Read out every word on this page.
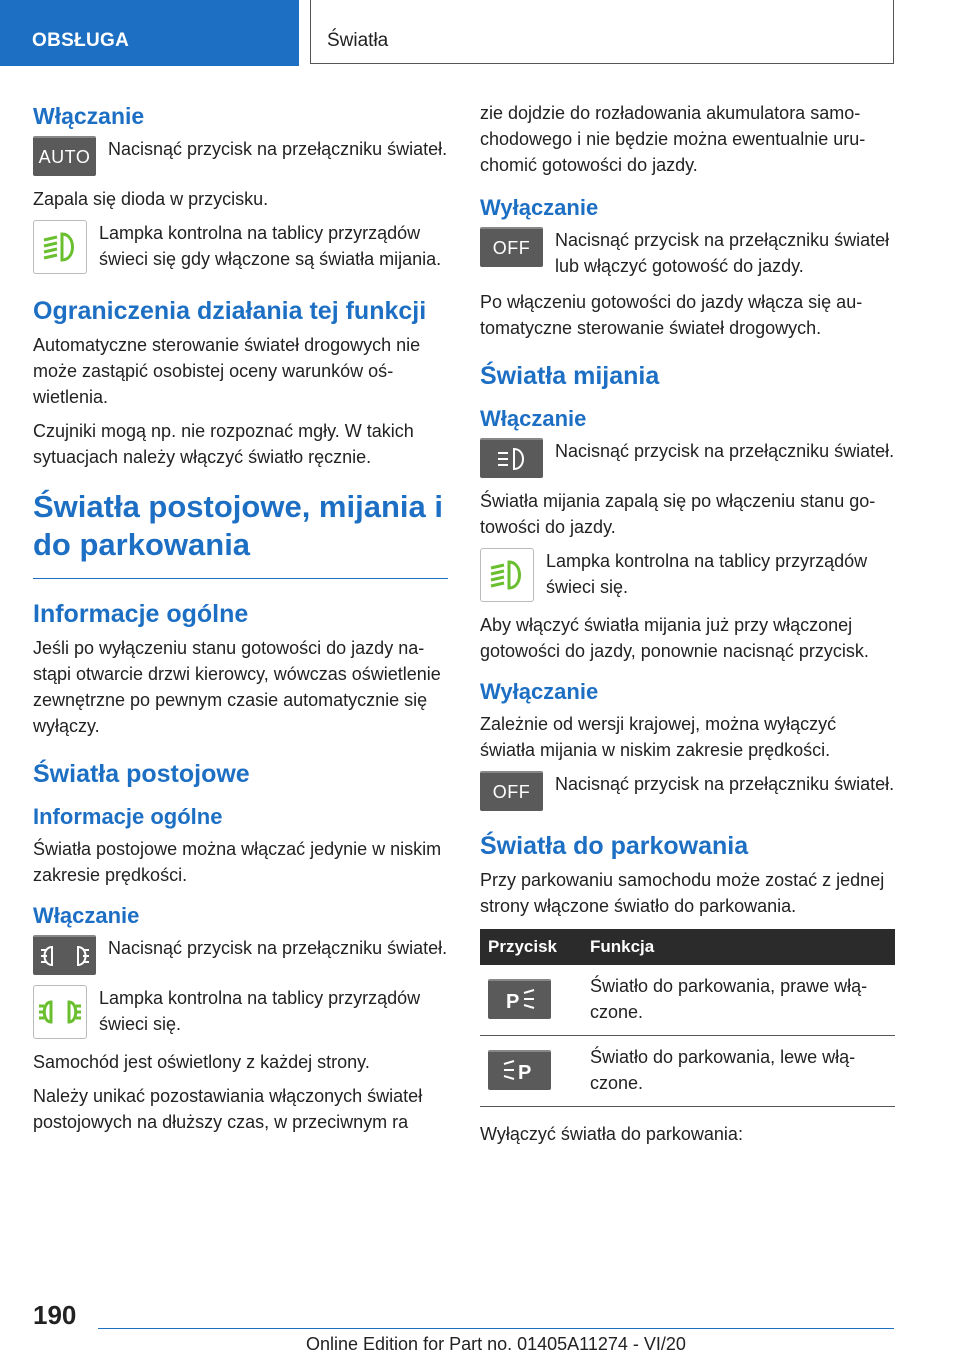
OBSŁUGA	Światła
Włączanie
AUTO Nacisnąć przycisk na przełączniku świateł.

Zapala się dioda w przycisku.

Lampka kontrolna na tablicy przyrządów świeci się gdy włączone są światła mijania.

Ograniczenia działania tej funkcji

Automatyczne sterowanie świateł drogowych nie może zastąpić osobistej oceny warunków oświetlenia.

Czujniki mogą np. nie rozpoznać mgły. W takich sytuacjach należy włączyć światło ręcznie.

Światła postojowe, mijania i do parkowania
Informacje ogólne

Jeśli po wyłączeniu stanu gotowości do jazdy nastąpi otwarcie drzwi kierowcy, wówczas oświetlenie zewnętrzne po pewnym czasie automatycznie się wyłączy.

Światła postojowe
Informacje ogólne

Światła postojowe można włączać jedynie w niskim zakresie prędkości.

Włączanie

Nacisnąć przycisk na przełączniku świateł.

Lampka kontrolna na tablicy przyrządów świeci się.

Samochód jest oświetlony z każdej strony.

Należy unikać pozostawiania włączonych świateł postojowych na dłuższy czas, w przeciwnym ra

zie dojdzie do rozładowania akumulatora samochodowego i nie będzie można ewentualnie uruchomić gotowości do jazdy.

Wyłączanie
OFF	Nacisnąć przycisk na przełączniku świateł lub włączyć gotowość do jazdy.

Po włączeniu gotowości do jazdy włącza się automatyczne sterowanie świateł drogowych.

Światła mijania
Włączanie

Nacisnąć przycisk na przełączniku świateł.

Światła mijania zapalą się po włączeniu stanu gotowości do jazdy.

Lampka kontrolna na tablicy przyrządów świeci się.

Aby włączyć światła mijania już przy włączonej gotowości do jazdy, ponownie nacisnąć przycisk.

Wyłączanie

Zależnie od wersji krajowej, można wyłączyć światła mijania w niskim zakresie prędkości.

OFF	Nacisnąć przycisk na przełączniku świateł.

Światła do parkowania

Przy parkowaniu samochodu może zostać z jednej strony włączone światło do parkowania.

Przycisk	Funkcja

P	Światło do parkowania, prawe włączone.

P	Światło do parkowania, lewe włączone.

Wyłączyć światła do parkowania:

190
Online Edition for Part no. 01405A11274 - VI/20
